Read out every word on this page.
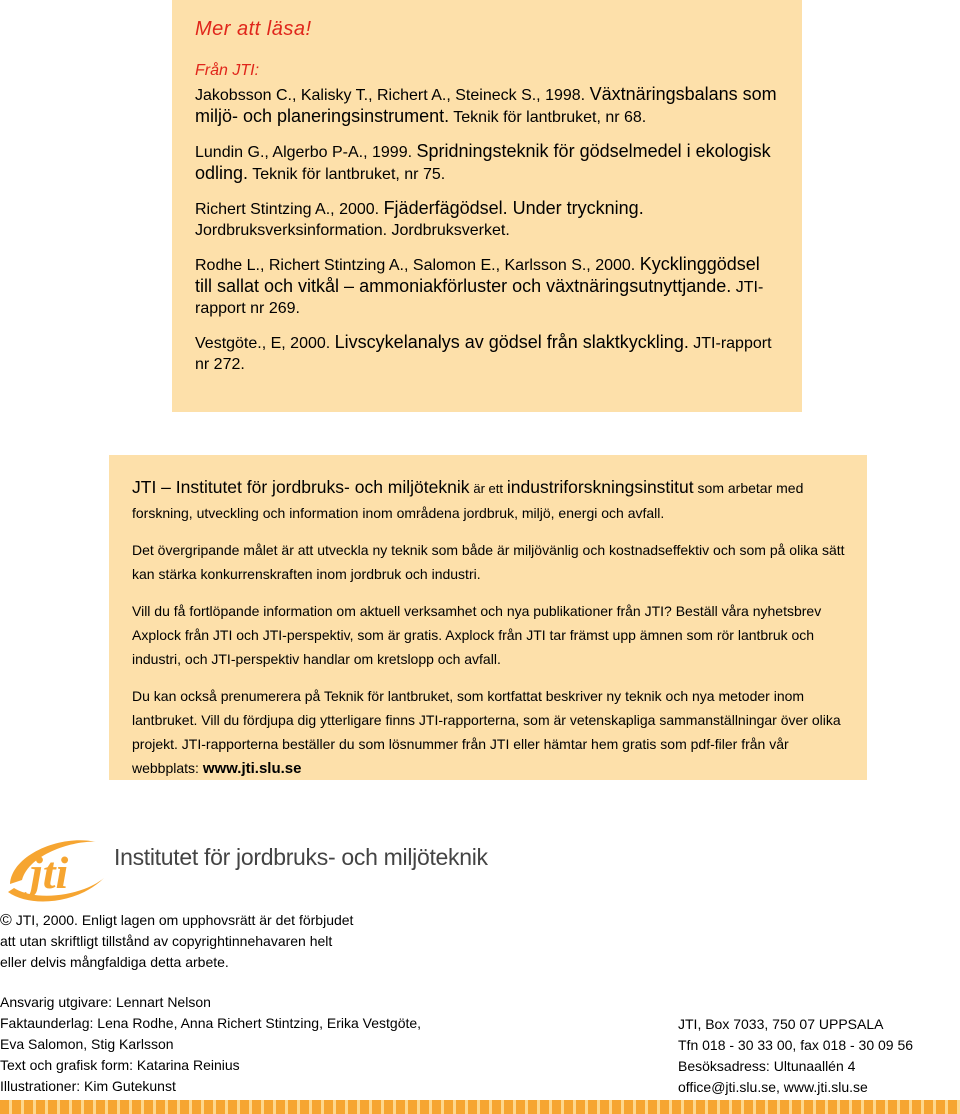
Mer att läsa!
Från JTI:
Jakobsson C., Kalisky T., Richert A., Steineck S., 1998. Växtnäringsbalans som miljö- och planeringsinstrument. Teknik för lantbruket, nr 68.
Lundin G., Algerbo P-A., 1999. Spridningsteknik för gödselmedel i ekologisk odling. Teknik för lantbruket, nr 75.
Richert Stintzing A., 2000. Fjäderfägödsel. Under tryckning. Jordbruksverksinformation. Jordbruksverket.
Rodhe L., Richert Stintzing A., Salomon E., Karlsson S., 2000. Kycklinggödsel till sallat och vitkål – ammoniakförluster och växtnäringsutnyttjande. JTI-rapport nr 269.
Vestgöte., E, 2000. Livscykelanalys av gödsel från slaktkyckling. JTI-rapport nr 272.

JTI – Institutet för jordbruks- och miljöteknik är ett industriforskningsinstitut som arbetar med forskning, utveckling och information inom områdena jordbruk, miljö, energi och avfall.

Det övergripande målet är att utveckla ny teknik som både är miljövänlig och kostnadseffektiv och som på olika sätt kan stärka konkurrenskraften inom jordbruk och industri.

Vill du få fortlöpande information om aktuell verksamhet och nya publikationer från JTI? Beställ våra nyhetsbrev Axplock från JTI och JTI-perspektiv, som är gratis. Axplock från JTI tar främst upp ämnen som rör lantbruk och industri, och JTI-perspektiv handlar om kretslopp och avfall.

Du kan också prenumerera på Teknik för lantbruket, som kortfattat beskriver ny teknik och nya metoder inom lantbruket. Vill du fördjupa dig ytterligare finns JTI-rapporterna, som är vetenskapliga sammanställningar över olika projekt. JTI-rapporterna beställer du som lösnummer från JTI eller hämtar hem gratis som pdf-filer från vår webbplats: www.jti.slu.se

jti Institutet för jordbruks- och miljöteknik
© JTI, 2000. Enligt lagen om upphovsrätt är det förbjudet
att utan skriftligt tillstånd av copyrightinnehavaren helt
eller delvis mångfaldiga detta arbete.
Ansvarig utgivare: Lennart Nelson
Faktaunderlag: Lena Rodhe, Anna Richert Stintzing, Erika Vestgöte,
Eva Salomon, Stig Karlsson
Text och grafisk form: Katarina Reinius
Illustrationer: Kim Gutekunst
JTI, Box 7033, 750 07 UPPSALA
Tfn 018 - 30 33 00, fax 018 - 30 09 56
Besöksadress: Ultunaallén 4
office@jti.slu.se, www.jti.slu.se
